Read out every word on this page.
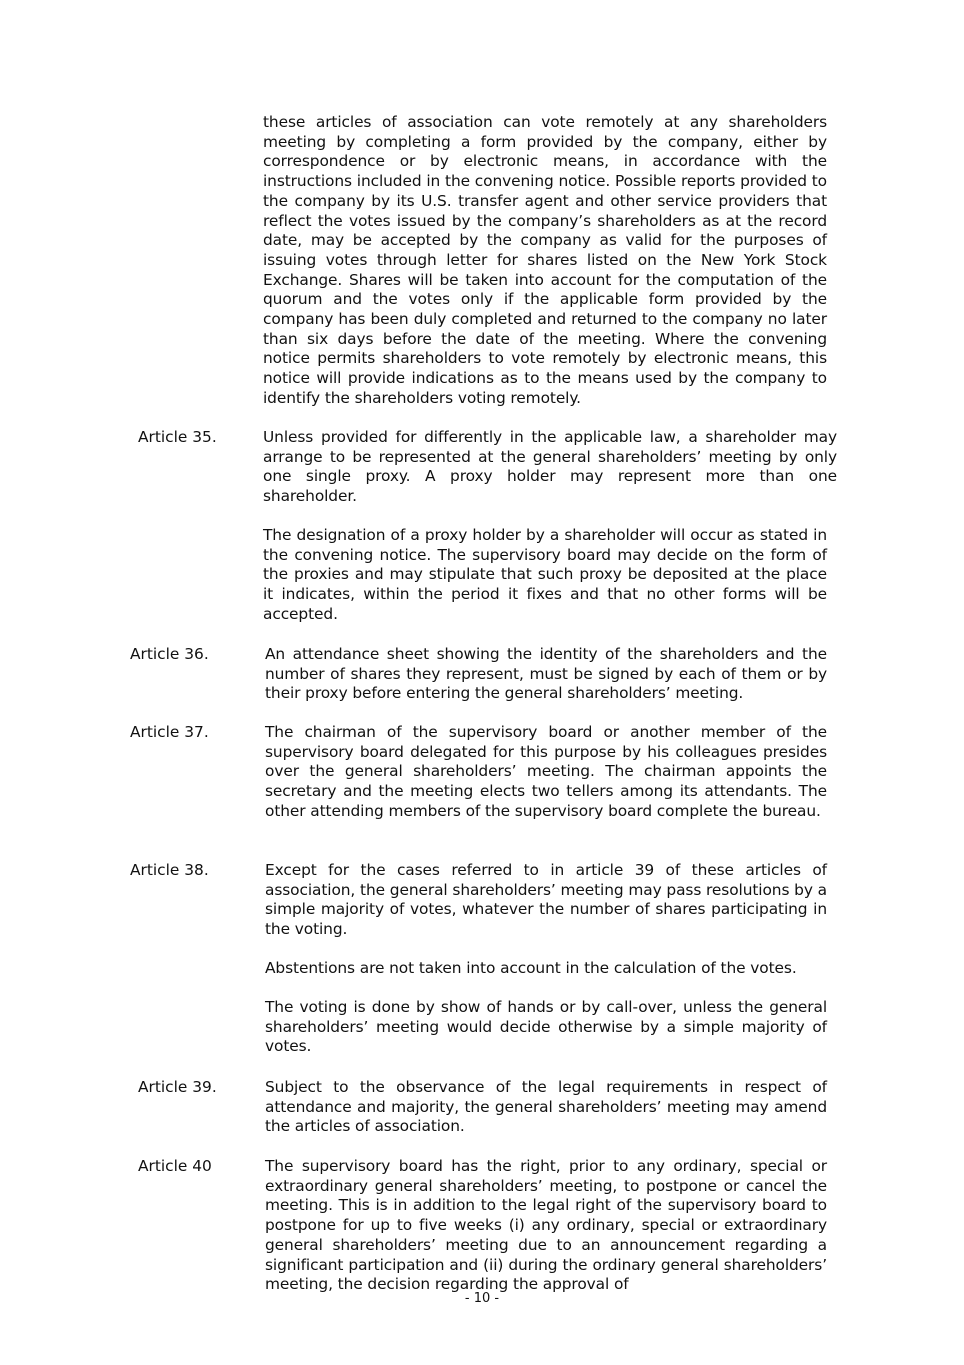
these articles of association can vote remotely at any shareholders meeting by completing a form provided by the company, either by correspondence or by electronic means, in accordance with the instructions included in the convening notice. Possible reports provided to the company by its U.S. transfer agent and other service providers that reflect the votes issued by the company’s shareholders as at the record date, may be accepted by the company as valid for the purposes of issuing votes through letter for shares listed on the New York Stock Exchange. Shares will be taken into account for the computation of the quorum and the votes only if the applicable form provided by the company has been duly completed and returned to the company no later than six days before the date of the meeting. Where the convening notice permits shareholders to vote remotely by electronic means, this notice will provide indications as to the means used by the company to identify the shareholders voting remotely.
Article 35.	Unless provided for differently in the applicable law, a shareholder may arrange to be represented at the general shareholders’ meeting by only one single proxy. A proxy holder may represent more than one shareholder.
The designation of a proxy holder by a shareholder will occur as stated in the convening notice. The supervisory board may decide on the form of the proxies and may stipulate that such proxy be deposited at the place it indicates, within the period it fixes and that no other forms will be accepted.
Article 36.	An attendance sheet showing the identity of the shareholders and the number of shares they represent, must be signed by each of them or by their proxy before entering the general shareholders’ meeting.
Article 37.	The chairman of the supervisory board or another member of the supervisory board delegated for this purpose by his colleagues presides over the general shareholders’ meeting. The chairman appoints the secretary and the meeting elects two tellers among its attendants. The other attending members of the supervisory board complete the bureau.
Article 38.	Except for the cases referred to in article 39 of these articles of association, the general shareholders’ meeting may pass resolutions by a simple majority of votes, whatever the number of shares participating in the voting.
Abstentions are not taken into account in the calculation of the votes.
The voting is done by show of hands or by call-over, unless the general shareholders’ meeting would decide otherwise by a simple majority of votes.
Article 39.	Subject to the observance of the legal requirements in respect of attendance and majority, the general shareholders’ meeting may amend the articles of association.
Article 40	The supervisory board has the right, prior to any ordinary, special or extraordinary general shareholders’ meeting, to postpone or cancel the meeting. This is in addition to the legal right of the supervisory board to postpone for up to five weeks (i) any ordinary, special or extraordinary general shareholders’ meeting due to an announcement regarding a significant participation and (ii) during the ordinary general shareholders’ meeting, the decision regarding the approval of
- 10 -
